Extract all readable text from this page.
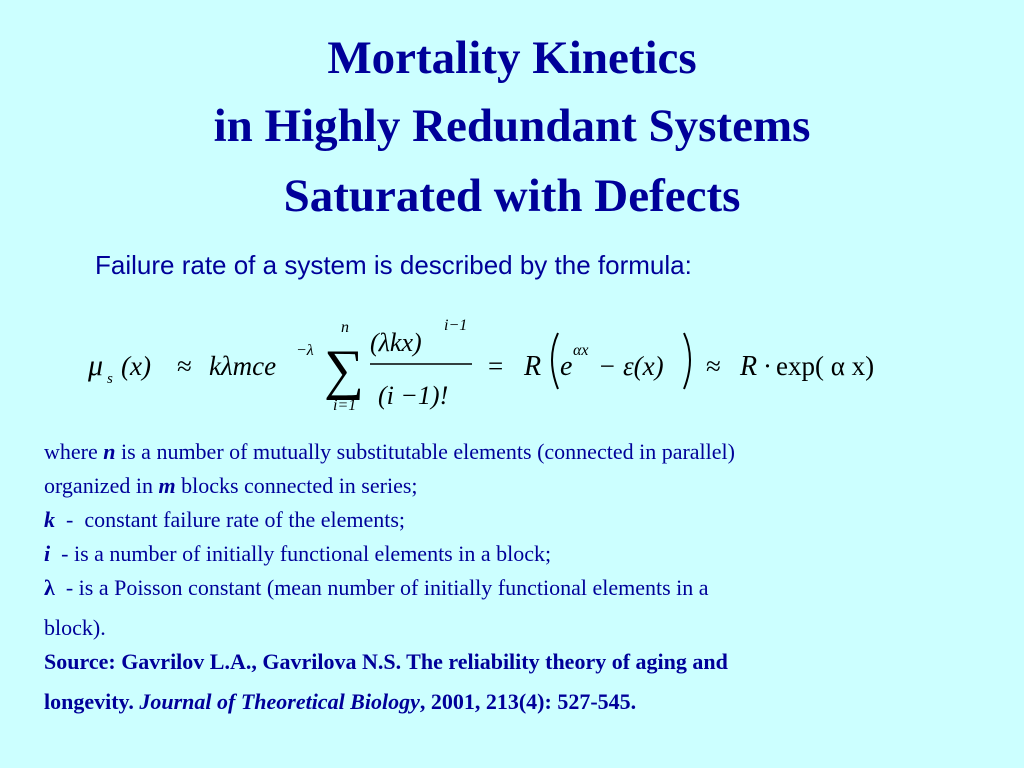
Mortality Kinetics
in Highly Redundant Systems
Saturated with Defects
Failure rate of a system is described by the formula:
μ s (x) ≈ kλmce
−λ
n
∑
i=1
(λkx)
i−1
(i −1)!
= R e
αx
− ε(x) ≈ R · exp( α x)
where n is a number of mutually substitutable elements (connected in parallel)
organized in m blocks connected in series;
k  -  constant failure rate of the elements;
i  - is a number of initially functional elements in a block;
λ  - is a Poisson constant (mean number of initially functional elements in a
block).
Source: Gavrilov L.A., Gavrilova N.S. The reliability theory of aging and
longevity. Journal of Theoretical Biology, 2001, 213(4): 527-545.
